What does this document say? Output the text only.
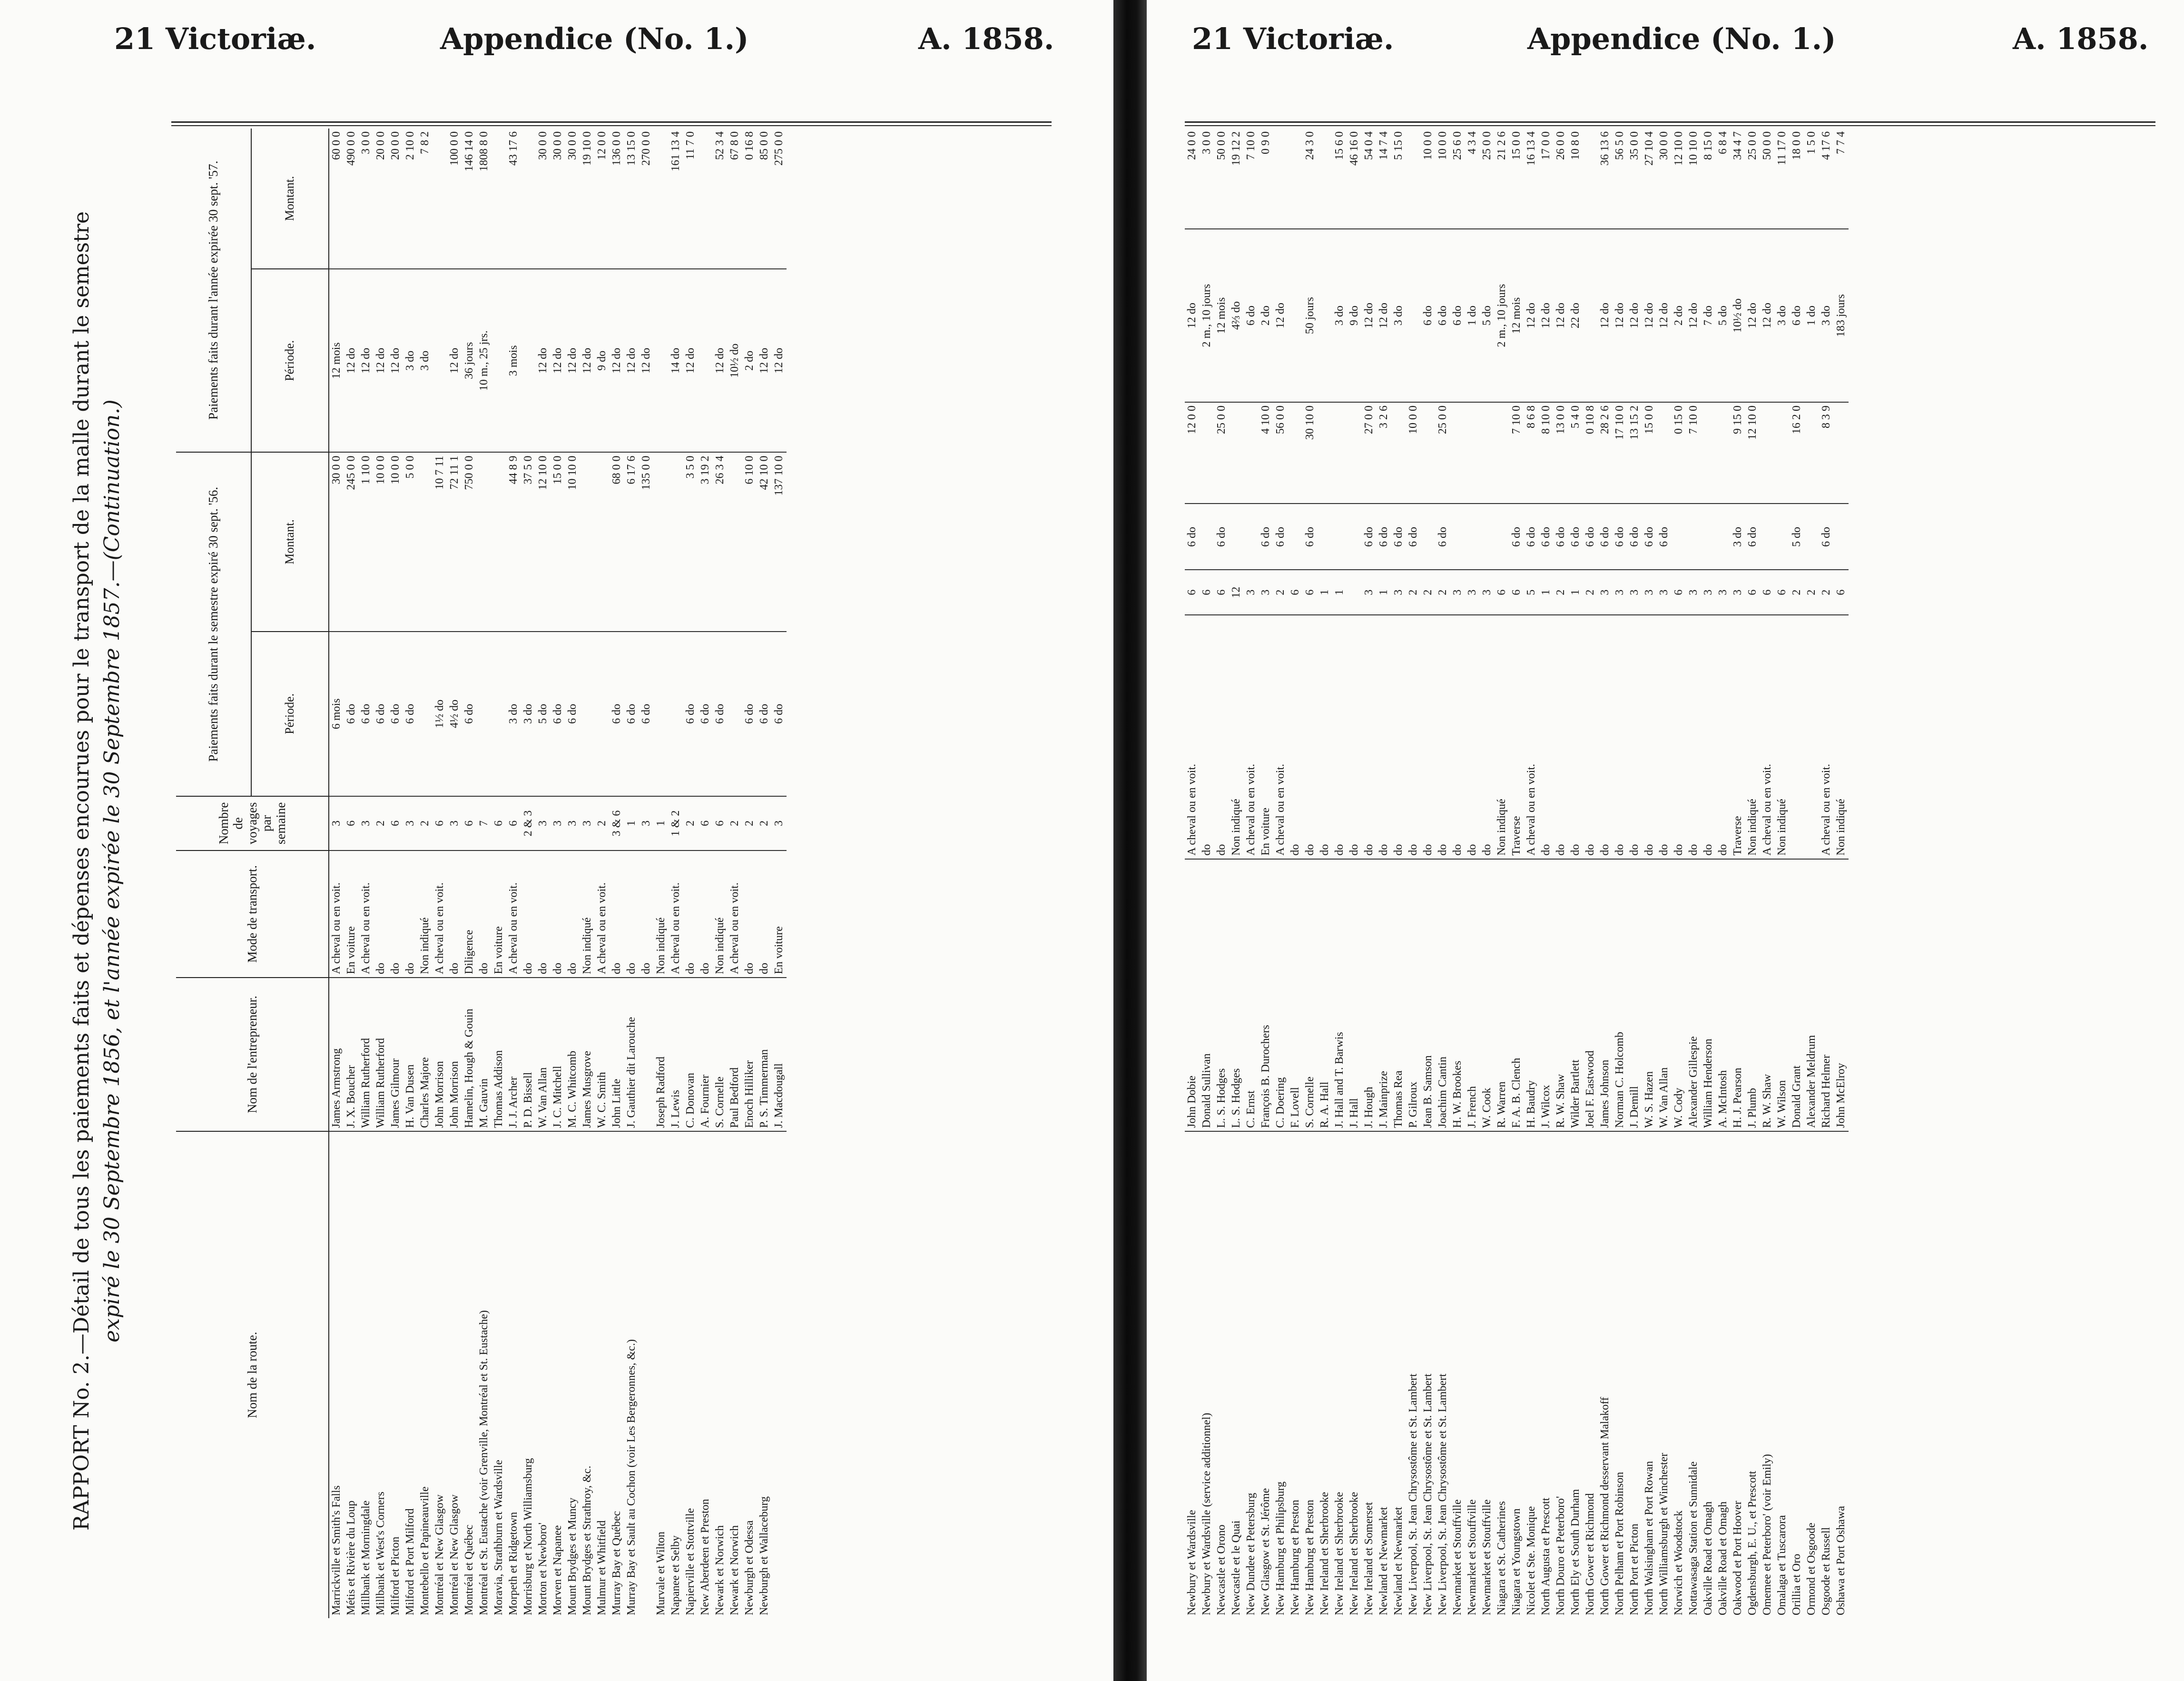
21 Victoriæ.	Appendice (No. 1.)	A. 1858.
RAPPORT No. 2.—Détail de tous les paiements faits et dépenses encourues pour le transport de la malle durant le semestre expiré le 30 Septembre 1856, et l'année expirée le 30 Septembre 1857.—(Continuation.)
Nom de la route.	Nom de l'entrepreneur.	Mode de transport.	Nombre de voyages par semaine	Paiements faits durant le semestre expiré 30 sept. '56.		Paiements faits durant l'année expirée 30 sept. '57.	
				Période.	Montant.	Période.	Montant.
Marrickville et Smith's Falls	James Armstrong	A cheval ou en voit.	3	6 mois	30 0 0	12 mois	60 0 0
Métis et Rivière du Loup	J. X. Boucher	En voiture	6	6 do	245 0 0	12 do	490 0 0
Millbank et Morningdale	William Rutherford	A cheval ou en voit.	3	6 do	1 10 0	12 do	3 0 0
Millbank et West's Corners	William Rutherford	do	2	6 do	10 0 0	12 do	20 0 0
Milford et Picton	James Gilmour	do	6	6 do	10 0 0	12 do	20 0 0
Milford et Port Milford	H. Van Dusen	do	3	6 do	5 0 0	3 do	2 10 0
Montebello et Papineauville	Charles Majore	Non indiqué	2			3 do	7 8 2
Montréal et New Glasgow	John Morrison	A cheval ou en voit.	6	1½ do	10 7 11		
Montréal et New Glasgow	John Morrison	do	3	4½ do	72 11 1	12 do	100 0 0
Montréal et Québec	Hamelin, Hough & Gouin	Diligence	6	6 do	750 0 0	36 jours	146 14 0
Montréal et St. Eustache (voir Grenville, Montréal et St. Eustache)	M. Gauvin	do	7			10 m., 25 jrs.	1808 8 0
Moravia, Strathburn et Wardsville	Thomas Addison	En voiture	6				
Morpeth et Ridgetown	J. J. Archer	A cheval ou en voit.	6	3 do	44 8 9	3 mois	43 17 6
Morrisburg et North Williamsburg	P. D. Bissell	do	2 & 3	3 do	37 5 0		
Morton et Newboro'	W. Van Allan	do	3	5 do	12 10 0	12 do	30 0 0
Morven et Napanee	J. C. Mitchell	do	3	6 do	15 0 0	12 do	30 0 0
Mount Brydges et Muncy	M. C. Whitcomb	do	3	6 do	10 10 0	12 do	30 0 0
Mount Brydges et Strathroy, &c.	James Musgrove	Non indiqué	3			12 do	19 10 0
Mulmur et Whitfield	W. C. Smith	A cheval ou en voit.	2			9 do	12 0 0
Murray Bay et Québec	John Little	do	3 & 6	6 do	68 0 0	12 do	136 0 0
Murray Bay et Sault au Cochon (voir Les Bergeronnes, &c.)	J. Gauthier dit Larouche	do	1	6 do	6 17 6	12 do	13 15 0
		do	3	6 do	135 0 0	12 do	270 0 0
Murvale et Wilton	Joseph Radford	Non indiqué	1				
Napanee et Selby	J. Lewis	A cheval ou en voit.	1 & 2			14 do	161 13 4
Napierville et Stottville	C. Donovan	do	2	6 do	3 5 0	12 do	11 7 0
New Aberdeen et Preston	A. Fournier	do	6	6 do	3 19 2		
Newark et Norwich	S. Cornelle	Non indiqué	6	6 do	26 3 4	12 do	52 3 4
Newark et Norwich	Paul Bedford	A cheval ou en voit.	2			10½ do	67 8 0
Newburgh et Odessa	Enoch Hilliker	do	2	6 do	6 10 0	2 do	0 16 8
Newburgh et Wallaceburg	P. S. Timmerman	do	2	6 do	42 10 0	12 do	85 0 0
	J. Macdougall	En voiture	3	6 do	137 10 0	12 do	275 0 0
21 Victoriæ.	Appendice (No. 1.)	A. 1858.
Newbury et Wardsville	John Dobie	A cheval ou en voit.	6	6 do	12 0 0	12 do	24 0 0
Newbury et Wardsville (service additionnel)	Donald Sullivan	do	6			2 m., 10 jours	3 0 0
Newcastle et Orono	L. S. Hodges	do	6	6 do	25 0 0	12 mois	50 0 0
Newcastle et le Quai	L. S. Hodges	Non indiqué	12			4⅔ do	19 12 2
New Dundee et Petersburg	C. Ernst	A cheval ou en voit.	3			6 do	7 10 0
New Glasgow et St. Jérôme	François B. Durochers	En voiture	3	6 do	4 10 0	2 do	0 9 0
New Hamburg et Philipsburg	C. Doering	A cheval ou en voit.	2	6 do	56 0 0	12 do	
New Hamburg et Preston	F. Lovell	do	6				
New Hamburg et Preston	S. Cornelle	do	6	6 do	30 10 0	50 jours	24 3 0
New Ireland et Sherbrooke	R. A. Hall	do	1				
New Ireland et Sherbrooke	J. Hall and T. Barwis	do	1			3 do	15 6 0
New Ireland et Sherbrooke	J. Hall	do				9 do	46 16 0
New Ireland et Somerset	J. Hough	do	3	6 do	27 0 0	12 do	54 0 4
Newland et Newmarket	J. Mainprize	do	1	6 do	3 2 6	12 do	14 7 4
Newland et Newmarket	Thomas Rea	do	3	6 do		3 do	5 15 0
New Liverpool, St. Jean Chrysostôme et St. Lambert	P. Gilroux	do	2	6 do	10 0 0		
New Liverpool, St. Jean Chrysostôme et St. Lambert	Jean B. Samson	do	2			6 do	10 0 0
New Liverpool, St. Jean Chrysostôme et St. Lambert	Joachim Cantin	do	2	6 do	25 0 0	6 do	10 0 0
Newmarket et Stouffville	H. W. Brookes	do	3			6 do	25 6 0
Newmarket et Stouffville	J. French	do	3			1 do	4 3 4
Newmarket et Stouffville	W. Cook	do	3			5 do	25 0 0
Niagara et St. Catherines	R. Warren	Non indiqué	6			2 m., 10 jours	21 2 6
Niagara et Youngstown	F. A. B. Clench	Traverse	6	6 do	7 10 0	12 mois	15 0 0
Nicolet et Ste. Monique	H. Baudry	A cheval ou en voit.	5	6 do	8 6 8	12 do	16 13 4
North Augusta et Prescott	J. Wilcox	do	1	6 do	8 10 0	12 do	17 0 0
North Douro et Peterboro'	R. W. Shaw	do	2	6 do	13 0 0	12 do	26 0 0
North Ely et South Durham	Wilder Bartlett	do	1	6 do	5 4 0	22 do	10 8 0
North Gower et Richmond	Joel F. Eastwood	do	2	6 do	0 10 8		
North Gower et Richmond desservant Malakoff	James Johnson	do	3	6 do	28 2 6	12 do	36 13 6
North Pelham et Port Robinson	Norman C. Holcomb	do	3	6 do	17 10 0	12 do	56 5 0
North Port et Picton	J. Demill	do	3	6 do	13 15 2	12 do	35 0 0
North Walsingham et Port Rowan	W. S. Hazen	do	3	6 do	15 0 0	12 do	27 10 4
North Williamsburgh et Winchester	W. Van Allan	do	3	6 do		12 do	30 0 0
Norwich et Woodstock	W. Cody	do	6		0 15 0	2 do	12 10 0
Nottawasaga Station et Sunnidale	Alexander Gillespie	do	3		7 10 0	12 do	10 10 0
Oakville Road et Omagh	William Henderson	do	3			7 do	8 15 0
Oakville Road et Omagh	A. McIntosh	do	3			5 do	6 8 4
Oakwood et Port Hoover	H. J. Pearson	Traverse	3	3 do	9 15 0	10½ do	34 4 7
Ogdensburgh, E. U., et Prescott	J. Plumb	Non indiqué	6	6 do	12 10 0	12 do	25 0 0
Omemee et Peterboro' (voir Emily)	R. W. Shaw	A cheval ou en voit.	6			12 do	50 0 0
Omalaga et Tuscarora	W. Wilson	Non indiqué	6			3 do	11 17 0
Orillia et Oro	Donald Grant		2	5 do	16 2 0	6 do	18 0 0
Ormond et Osgoode	Alexander Meldrum		2			1 do	1 5 0
Osgoode et Russell	Richard Helmer	A cheval ou en voit.	2	6 do	8 3 9	3 do	4 17 6
Oshawa et Port Oshawa	John McElroy	Non indiqué	6			183 jours	7 7 4
